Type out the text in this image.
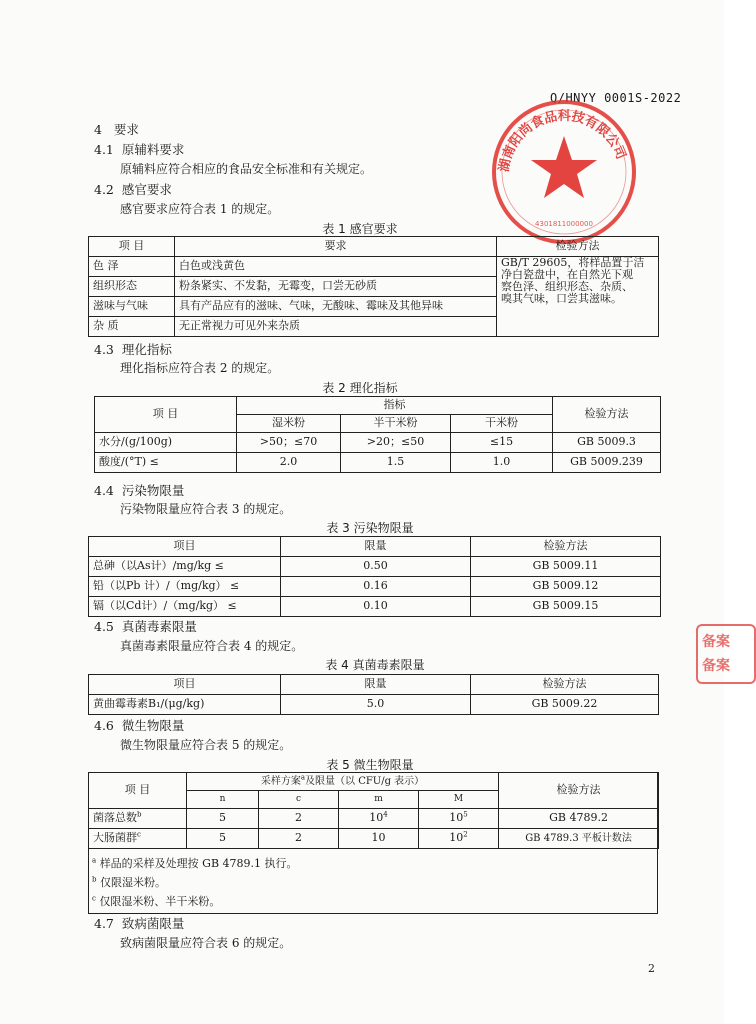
Q/HNYY 0001S-2022
湖南阳尚食品科技有限公司
4301811000000
备案
备案
4 要求
4.1 原辅料要求
原辅料应符合相应的食品安全标准和有关规定。
4.2 感官要求
感官要求应符合表 1 的规定。
表 1 感官要求
项 目	要求	检验方法
色 泽	白色或浅黄色	GB/T 29605，将样品置于洁
净白瓷盘中，在自然光下观
察色泽、组织形态、杂质、
嗅其气味，口尝其滋味。

组织形态	粉条紧实、不发黏，无霉变，口尝无砂质	
滋味与气味	具有产品应有的滋味、气味，无酸味、霉味及其他异味	
杂 质	无正常视力可见外来杂质	
4.3 理化指标
理化指标应符合表 2 的规定。
表 2 理化指标
项 目	指标			检验方法
	湿米粉	半干米粉	干米粉	
水分/(g/100g)	>50；≤70	>20；≤50	≤15	GB 5009.3
酸度/(°T) ≤	2.0	1.5	1.0	GB 5009.239
4.4 污染物限量
污染物限量应符合表 3 的规定。
表 3 污染物限量
项目	限量	检验方法
总砷（以As计）/mg/kg ≤	0.50	GB 5009.11
铅（以Pb 计）/（mg/kg） ≤	0.16	GB 5009.12
镉（以Cd计）/（mg/kg） ≤	0.10	GB 5009.15
4.5 真菌毒素限量
真菌毒素限量应符合表 4 的规定。
表 4 真菌毒素限量
项目	限量	检验方法
黄曲霉毒素B₁/(μg/kg)	5.0	GB 5009.22
4.6 微生物限量
微生物限量应符合表 5 的规定。
表 5 微生物限量
项 目	采样方案$^a$及限量（以 CFU/g 表示）				检验方法
	n	c	m	M	
菌落总数$^b$	5	2	$10^4$	$10^5$	GB 4789.2
大肠菌群$^c$	5	2	10	$10^2$	GB 4789.3 平板计数法
$^a$ 样品的采样及处理按 GB 4789.1 执行。
$^b$ 仅限湿米粉。
$^c$ 仅限湿米粉、半干米粉。
4.7 致病菌限量
致病菌限量应符合表 6 的规定。
2
